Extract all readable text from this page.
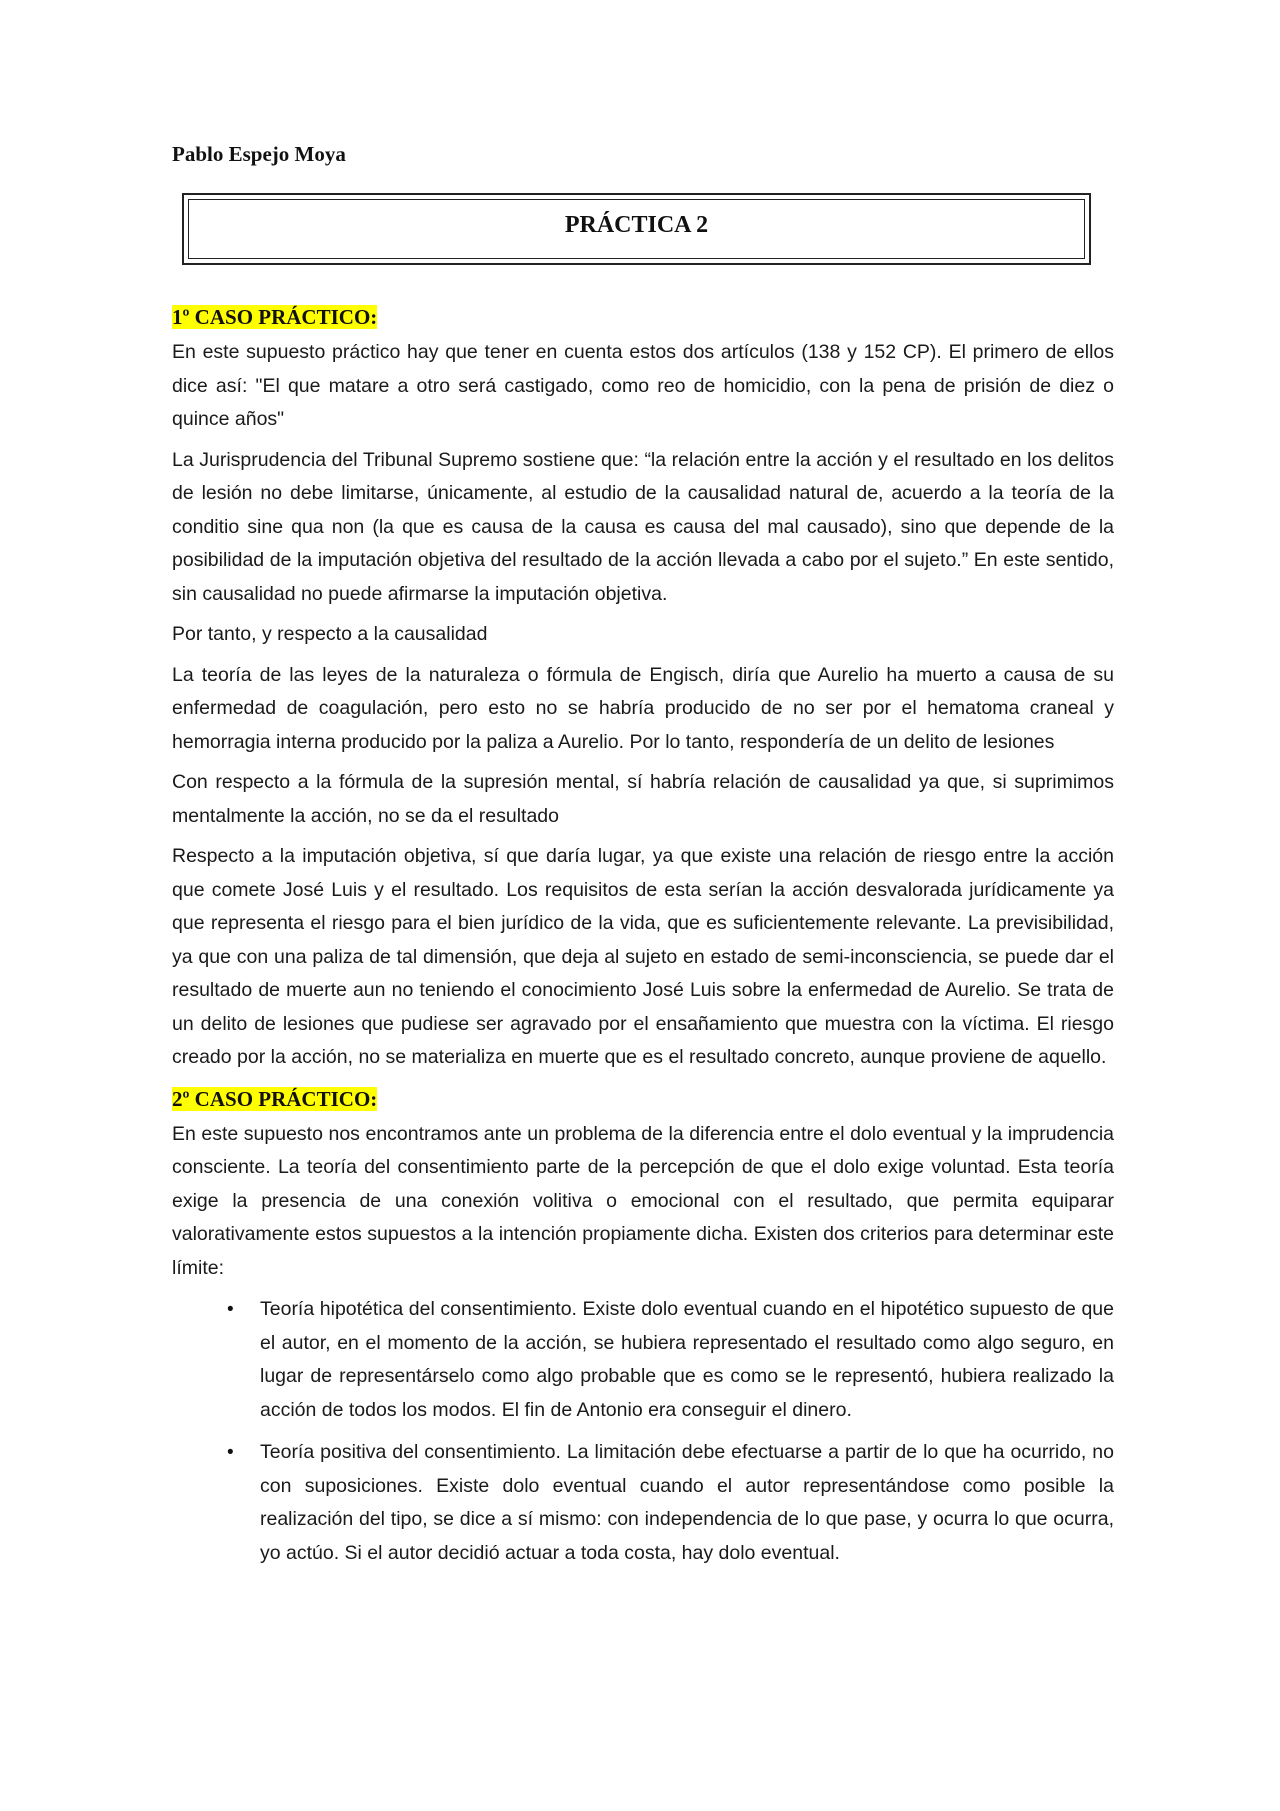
Pablo Espejo Moya

PRÁCTICA 2

1º CASO PRÁCTICO:

En este supuesto práctico hay que tener en cuenta estos dos artículos (138 y 152 CP). El primero de ellos dice así: "El que matare a otro será castigado, como reo de homicidio, con la pena de prisión de diez o quince años"

La Jurisprudencia del Tribunal Supremo sostiene que: “la relación entre la acción y el resultado en los delitos de lesión no debe limitarse, únicamente, al estudio de la causalidad natural de, acuerdo a la teoría de la conditio sine qua non (la que es causa de la causa es causa del mal causado), sino que depende de la posibilidad de la imputación objetiva del resultado de la acción llevada a cabo por el sujeto.” En este sentido, sin causalidad no puede afirmarse la imputación objetiva.

Por tanto, y respecto a la causalidad

La teoría de las leyes de la naturaleza o fórmula de Engisch, diría que Aurelio ha muerto a causa de su enfermedad de coagulación, pero esto no se habría producido de no ser por el hematoma craneal y hemorragia interna producido por la paliza a Aurelio. Por lo tanto, respondería de un delito de lesiones

Con respecto a la fórmula de la supresión mental, sí habría relación de causalidad ya que, si suprimimos mentalmente la acción, no se da el resultado

Respecto a la imputación objetiva, sí que daría lugar, ya que existe una relación de riesgo entre la acción que comete José Luis y el resultado. Los requisitos de esta serían la acción desvalorada jurídicamente ya que representa el riesgo para el bien jurídico de la vida, que es suficientemente relevante. La previsibilidad, ya que con una paliza de tal dimensión, que deja al sujeto en estado de semi-inconsciencia, se puede dar el resultado de muerte aun no teniendo el conocimiento José Luis sobre la enfermedad de Aurelio. Se trata de un delito de lesiones que pudiese ser agravado por el ensañamiento que muestra con la víctima. El riesgo creado por la acción, no se materializa en muerte que es el resultado concreto, aunque proviene de aquello.

2º CASO PRÁCTICO:

En este supuesto nos encontramos ante un problema de la diferencia entre el dolo eventual y la imprudencia consciente. La teoría del consentimiento parte de la percepción de que el dolo exige voluntad. Esta teoría exige la presencia de una conexión volitiva o emocional con el resultado, que permita equiparar valorativamente estos supuestos a la intención propiamente dicha. Existen dos criterios para determinar este límite:

• Teoría hipotética del consentimiento. Existe dolo eventual cuando en el hipotético supuesto de que el autor, en el momento de la acción, se hubiera representado el resultado como algo seguro, en lugar de representárselo como algo probable que es como se le representó, hubiera realizado la acción de todos los modos. El fin de Antonio era conseguir el dinero.
• Teoría positiva del consentimiento. La limitación debe efectuarse a partir de lo que ha ocurrido, no con suposiciones. Existe dolo eventual cuando el autor representándose como posible la realización del tipo, se dice a sí mismo: con independencia de lo que pase, y ocurra lo que ocurra, yo actúo. Si el autor decidió actuar a toda costa, hay dolo eventual.
